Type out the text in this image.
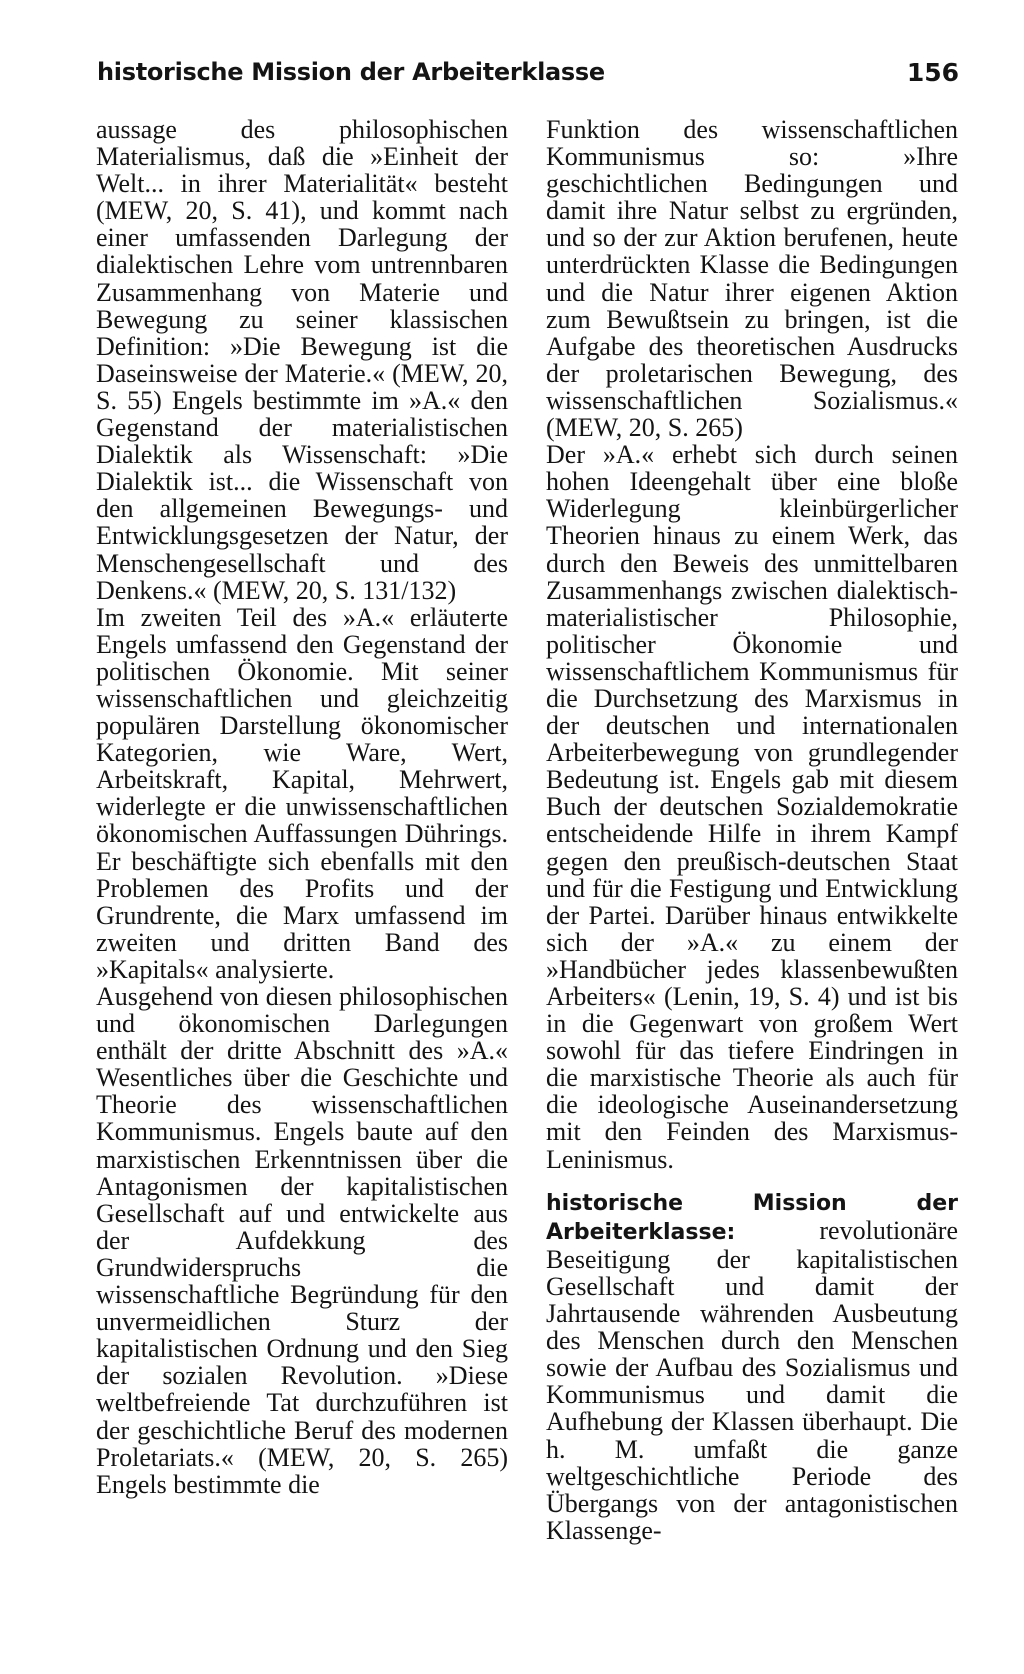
historische Mission der Arbeiterklasse	156

aussage des philosophischen Materialismus, daß die »Einheit der Welt... in ihrer Materialität« besteht (MEW, 20, S. 41), und kommt nach einer umfassenden Darlegung der dialektischen Lehre vom untrennbaren Zusammenhang von Materie und Bewegung zu seiner klassischen Definition: »Die Bewegung ist die Daseinsweise der Materie.« (MEW, 20, S. 55) Engels bestimmte im »A.« den Gegenstand der materialistischen Dialektik als Wissenschaft: »Die Dialektik ist... die Wissenschaft von den allgemeinen Bewegungs- und Entwicklungsgesetzen der Natur, der Menschengesellschaft und des Denkens.« (MEW, 20, S. 131/132)

Im zweiten Teil des »A.« erläuterte Engels umfassend den Gegenstand der politischen Ökonomie. Mit seiner wissenschaftlichen und gleichzeitig populären Darstellung ökonomischer Kategorien, wie Ware, Wert, Arbeitskraft, Kapital, Mehrwert, widerlegte er die unwissenschaftlichen ökonomischen Auffassungen Dührings. Er beschäftigte sich ebenfalls mit den Problemen des Profits und der Grundrente, die Marx umfassend im zweiten und dritten Band des »Kapitals« analysierte.

Ausgehend von diesen philosophischen und ökonomischen Darlegungen enthält der dritte Abschnitt des »A.« Wesentliches über die Geschichte und Theorie des wissenschaftlichen Kommunismus. Engels baute auf den marxistischen Erkenntnissen über die Antagonismen der kapitalistischen Gesellschaft auf und entwickelte aus der Aufdekkung des Grundwiderspruchs die wissenschaftliche Begründung für den unvermeidlichen Sturz der kapitalistischen Ordnung und den Sieg der sozialen Revolution. »Diese weltbefreiende Tat durchzuführen ist der geschichtliche Beruf des modernen Proletariats.« (MEW, 20, S. 265) Engels bestimmte die

Funktion des wissenschaftlichen Kommunismus so: »Ihre geschichtlichen Bedingungen und damit ihre Natur selbst zu ergründen, und so der zur Aktion berufenen, heute unterdrückten Klasse die Bedingungen und die Natur ihrer eigenen Aktion zum Bewußtsein zu bringen, ist die Aufgabe des theoretischen Ausdrucks der proletarischen Bewegung, des wissenschaftlichen Sozialismus.« (MEW, 20, S. 265)

Der »A.« erhebt sich durch seinen hohen Ideengehalt über eine bloße Widerlegung kleinbürgerlicher Theorien hinaus zu einem Werk, das durch den Beweis des unmittelbaren Zusammenhangs zwischen dialektisch-materialistischer Philosophie, politischer Ökonomie und wissenschaftlichem Kommunismus für die Durchsetzung des Marxismus in der deutschen und internationalen Arbeiterbewegung von grundlegender Bedeutung ist. Engels gab mit diesem Buch der deutschen Sozialdemokratie entscheidende Hilfe in ihrem Kampf gegen den preußisch-deutschen Staat und für die Festigung und Entwicklung der Partei. Darüber hinaus entwikkelte sich der »A.« zu einem der »Handbücher jedes klassenbewußten Arbeiters« (Lenin, 19, S. 4) und ist bis in die Gegenwart von großem Wert sowohl für das tiefere Eindringen in die marxistische Theorie als auch für die ideologische Auseinandersetzung mit den Feinden des Marxismus-Leninismus.

historische Mission der Arbeiterklasse:	revolutionäre Beseitigung der kapitalistischen Gesellschaft und damit der Jahrtausende währenden Ausbeutung des Menschen durch den Menschen sowie der Aufbau des Sozialismus und Kommunismus und damit die Aufhebung der Klassen überhaupt. Die h. M. umfaßt die ganze weltgeschichtliche Periode des Übergangs von der antagonistischen Klassenge-
